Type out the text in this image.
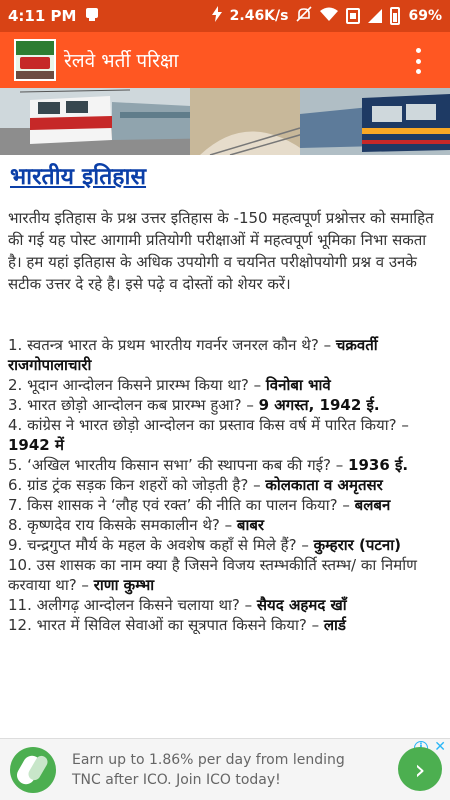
4:11 PM	2.46K/s	69%
रेलवे भर्ती परिक्षा
भारतीय इतिहास

भारतीय इतिहास के प्रश्न उत्तर इतिहास के -150 महत्वपूर्ण प्रश्नोत्तर को समाहित की गई यह पोस्ट आगामी प्रतियोगी परीक्षाओं में महत्वपूर्ण भूमिका निभा सकता है। हम यहां इतिहास के अधिक उपयोगी व चयनित परीक्षोपयोगी प्रश्न व उनके सटीक उत्तर दे रहे है। इसे पढ़े व दोस्तों को शेयर करें।

1. स्वतन्त्र भारत के प्रथम भारतीय गवर्नर जनरल कौन थे? – चक्रवर्ती राजगोपालाचारी
2. भूदान आन्दोलन किसने प्रारम्भ किया था? – विनोबा भावे
3. भारत छोड़ो आन्दोलन कब प्रारम्भ हुआ? – 9 अगस्त, 1942 ई.
4. कांग्रेस ने भारत छोड़ो आन्दोलन का प्रस्ताव किस वर्ष में पारित किया? – 1942 में
5. ‘अखिल भारतीय किसान सभा’ की स्थापना कब की गई? – 1936 ई.
6. ग्रांड ट्रंक सड़क किन शहरों को जोड़ती है? – कोलकाता व अमृतसर
7. किस शासक ने ‘लौह एवं रक्त’ की नीति का पालन किया? – बलबन
8. कृष्णदेव राय किसके समकालीन थे? – बाबर
9. चन्द्रगुप्त मौर्य के महल के अवशेष कहाँ से मिले हैं? – कुम्हरार (पटना)
10. उस शासक का नाम क्या है जिसने विजय स्तम्भकीर्ति स्तम्भ/ का निर्माण करवाया था? – राणा कुम्भा
11. अलीगढ़ आन्दोलन किसने चलाया था? – सैयद अहमद खाँ
12. भारत में सिविल सेवाओं का सूत्रपात किसने किया? – लार्ड
Earn up to 1.86% per day from lending TNC after ICO. Join ICO today!
✕
›
